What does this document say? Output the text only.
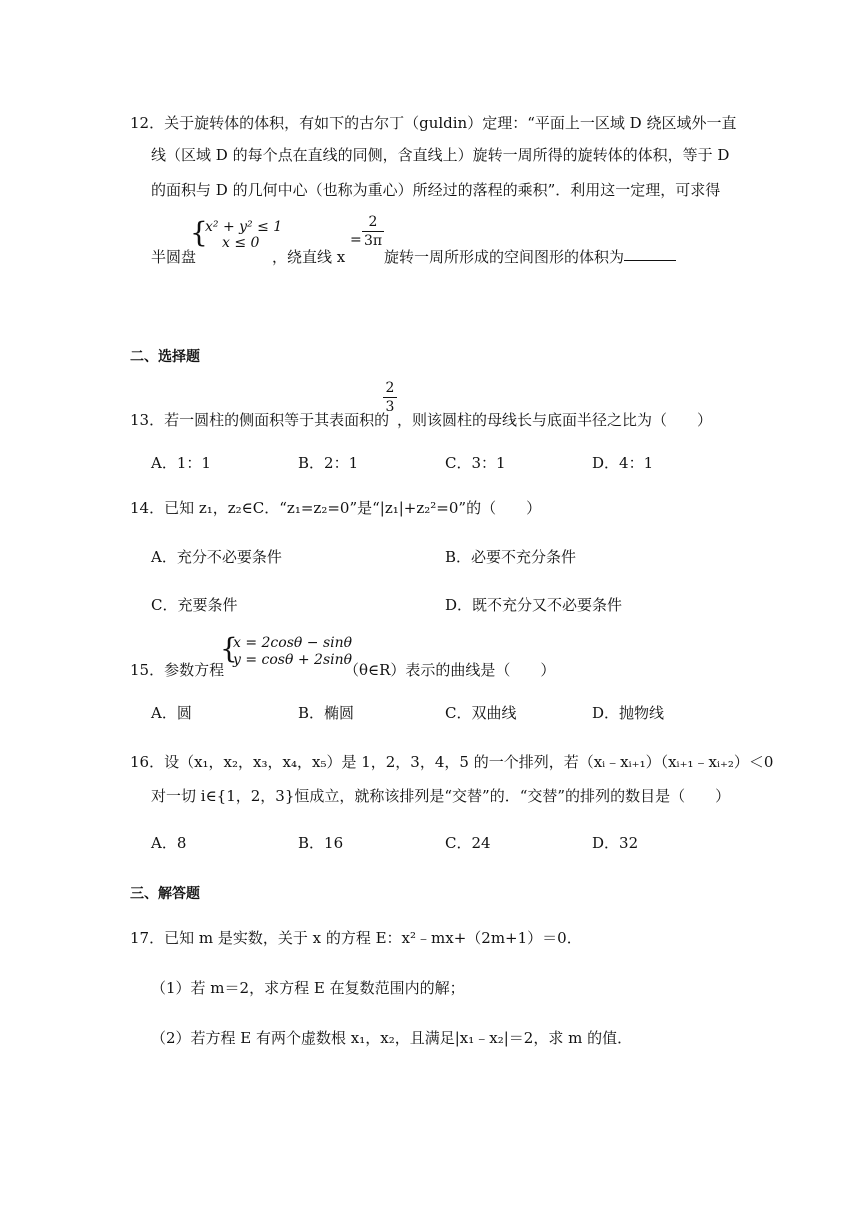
12．关于旋转体的体积，有如下的古尔丁（guldin）定理：“平面上一区域 D 绕区域外一直
线（区域 D 的每个点在直线的同侧，含直线上）旋转一周所得的旋转体的体积，等于 D
的面积与 D 的几何中心（也称为重心）所经过的落程的乘积”．利用这一定理，可求得
半圆盘
{
x² + y² ≤ 1
x ≤ 0
，绕直线 x
=
2
3π
旋转一周所形成的空间图形的体积为
二、选择题
2
3
13．若一圆柱的侧面积等于其表面积的 ，则该圆柱的母线长与底面半径之比为（　　）
A．1：1	B．2：1	C．3：1	D．4：1
14．已知 z₁，z₂∈C．“z₁=z₂=0”是“|z₁|+z₂²=0”的（　　）
A．充分不必要条件	B．必要不充分条件
C．充要条件	D．既不充分又不必要条件
15．参数方程
{
x = 2cosθ − sinθ
y = cosθ + 2sinθ
（θ∈R）表示的曲线是（　　）
A．圆	B．椭圆	C．双曲线	D．抛物线
16．设（x₁，x₂，x₃，x₄，x₅）是 1，2，3，4，5 的一个排列，若（xᵢ﹣xᵢ₊₁）（xᵢ₊₁﹣xᵢ₊₂）＜0
对一切 i∈{1，2，3}恒成立，就称该排列是“交替”的．“交替”的排列的数目是（　　）
A．8	B．16	C．24	D．32
三、解答题
17．已知 m 是实数，关于 x 的方程 E：x²﹣mx+（2m+1）＝0．
（1）若 m＝2，求方程 E 在复数范围内的解；
（2）若方程 E 有两个虚数根 x₁，x₂，且满足|x₁﹣x₂|＝2，求 m 的值．
